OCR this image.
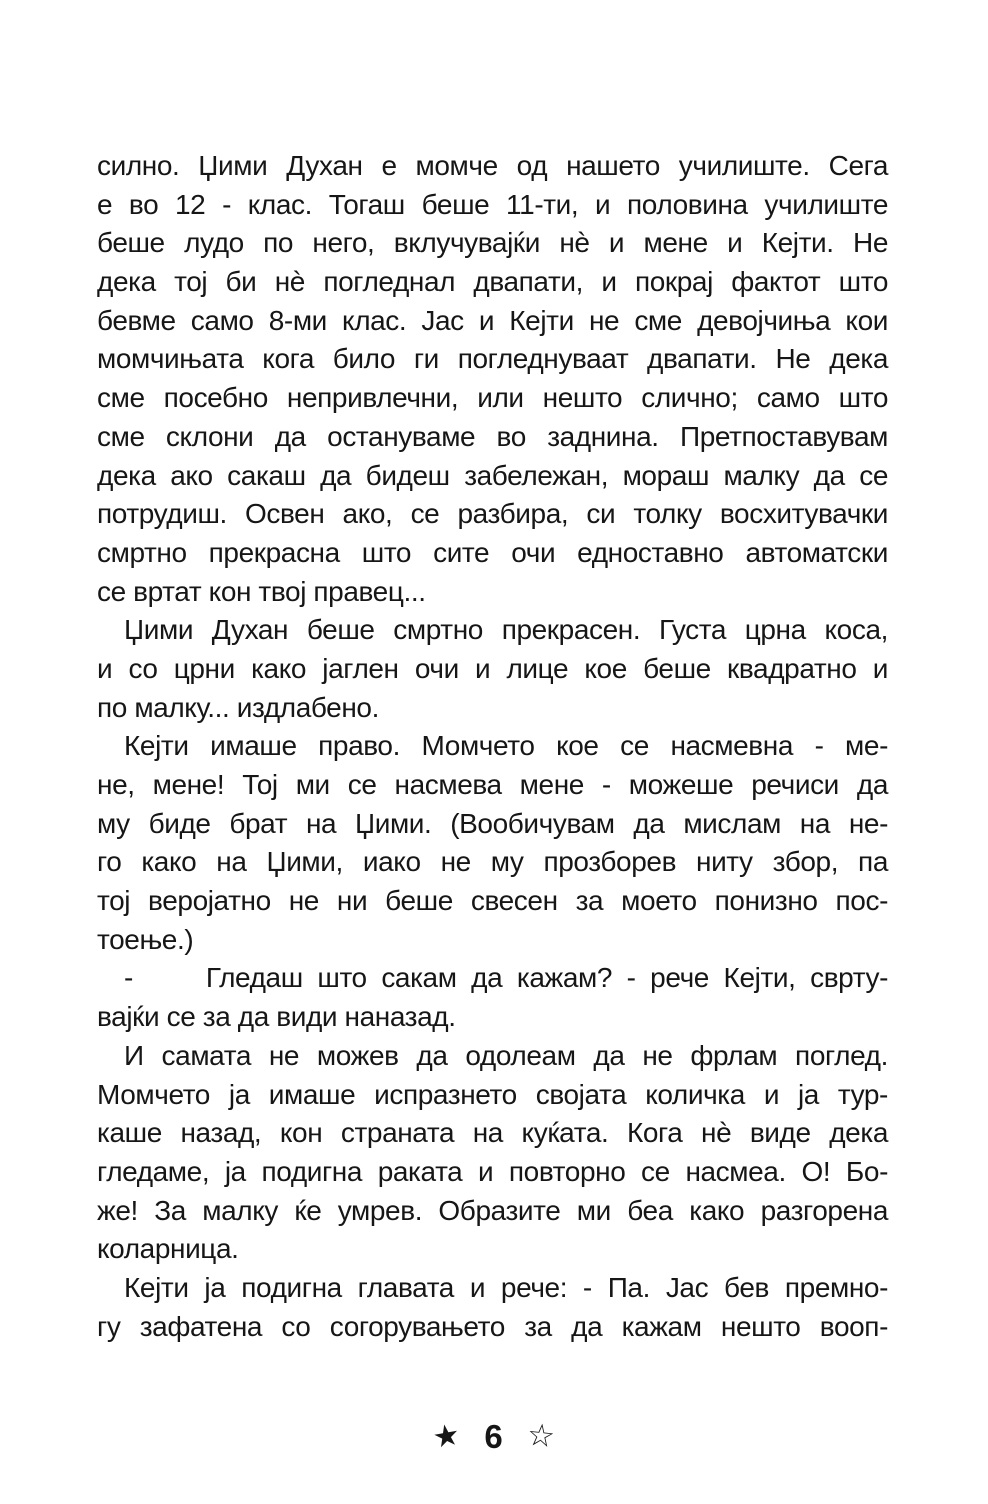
силно. Џими Духан е момче од нашето училиште. Сега
е во 12 - клас. Тогаш беше 11-ти, и половина училиште
беше лудо по него, вклучувајќи нѐ и мене и Кејти. Не
дека тој би нѐ погледнал двапати, и покрај фактот што
бевме само 8-ми клас. Јас и Кејти не сме девојчиња кои
момчињата кога било ги погледнуваат двапати. Не дека
сме посебно непривлечни, или нешто слично; само што
сме склони да остануваме во заднина. Претпоставувам
дека ако сакаш да бидеш забележан, мораш малку да се
потрудиш. Освен ако, се разбира, си толку восхитувачки
смртно прекрасна што сите очи едноставно автоматски
се вртат кон твој правец...
Џими Духан беше смртно прекрасен. Густа црна коса,
и со црни како јаглен очи и лице кое беше квадратно и
по малку... издлабено.
Кејти имаше право. Момчето кое се насмевна - ме-
не, мене! Тој ми се насмева мене - можеше речиси да
му биде брат на Џими. (Вообичувам да мислам на не-
го како на Џими, иако не му прозборев ниту збор, па
тој веројатно не ни беше свесен за моето понизно пос-
тоење.)
-     Гледаш што сакам да кажам? - рече Кејти, сврту-
вајќи се за да види наназад.
И самата не можев да одолеам да не фрлам поглед.
Момчето ја имаше испразнето својата количка и ја тур-
каше назад, кон страната на куќата. Кога нѐ виде дека
гледаме, ја подигна раката и повторно се насмеа. О! Бо-
же! За малку ќе умрев. Образите ми беа како разгорена
коларница.
Кејти ја подигна главата и рече: - Па. Јас бев премно-
гу зафатена со согорувањето за да кажам нешто вооп-
★ 6 ☆
